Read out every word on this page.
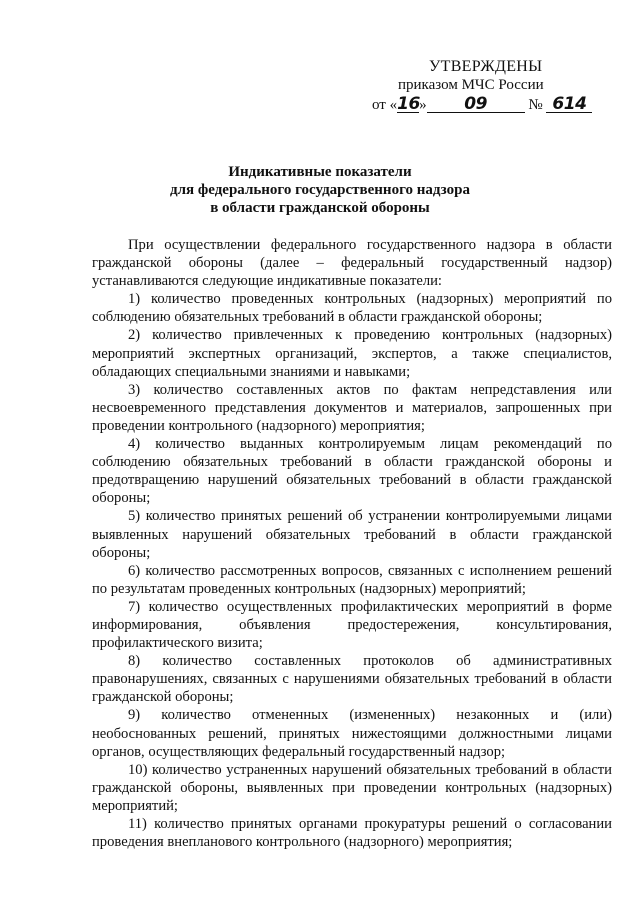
УТВЕРЖДЕНЫ
приказом МЧС России
от «16» 09	№ 614
Индикативные показатели
для федерального государственного надзора
в области гражданской обороны

При осуществлении федерального государственного надзора в области гражданской обороны (далее – федеральный государственный надзор) устанавливаются следующие индикативные показатели:

1) количество проведенных контрольных (надзорных) мероприятий по соблюдению обязательных требований в области гражданской обороны;

2) количество привлеченных к проведению контрольных (надзорных) мероприятий экспертных организаций, экспертов, а также специалистов, обладающих специальными знаниями и навыками;

3) количество составленных актов по фактам непредставления или несвоевременного представления документов и материалов, запрошенных при проведении контрольного (надзорного) мероприятия;

4) количество выданных контролируемым лицам рекомендаций по соблюдению обязательных требований в области гражданской обороны и предотвращению нарушений обязательных требований в области гражданской обороны;

5) количество принятых решений об устранении контролируемыми лицами выявленных нарушений обязательных требований в области гражданской обороны;

6) количество рассмотренных вопросов, связанных с исполнением решений по результатам проведенных контрольных (надзорных) мероприятий;

7) количество осуществленных профилактических мероприятий в форме информирования, объявления предостережения, консультирования, профилактического визита;

8) количество составленных протоколов об административных правонарушениях, связанных с нарушениями обязательных требований в области гражданской обороны;

9) количество отмененных (измененных) незаконных и (или) необоснованных решений, принятых нижестоящими должностными лицами органов, осуществляющих федеральный государственный надзор;

10) количество устраненных нарушений обязательных требований в области гражданской обороны, выявленных при проведении контрольных (надзорных) мероприятий;

11) количество принятых органами прокуратуры решений о согласовании проведения внепланового контрольного (надзорного) мероприятия;
